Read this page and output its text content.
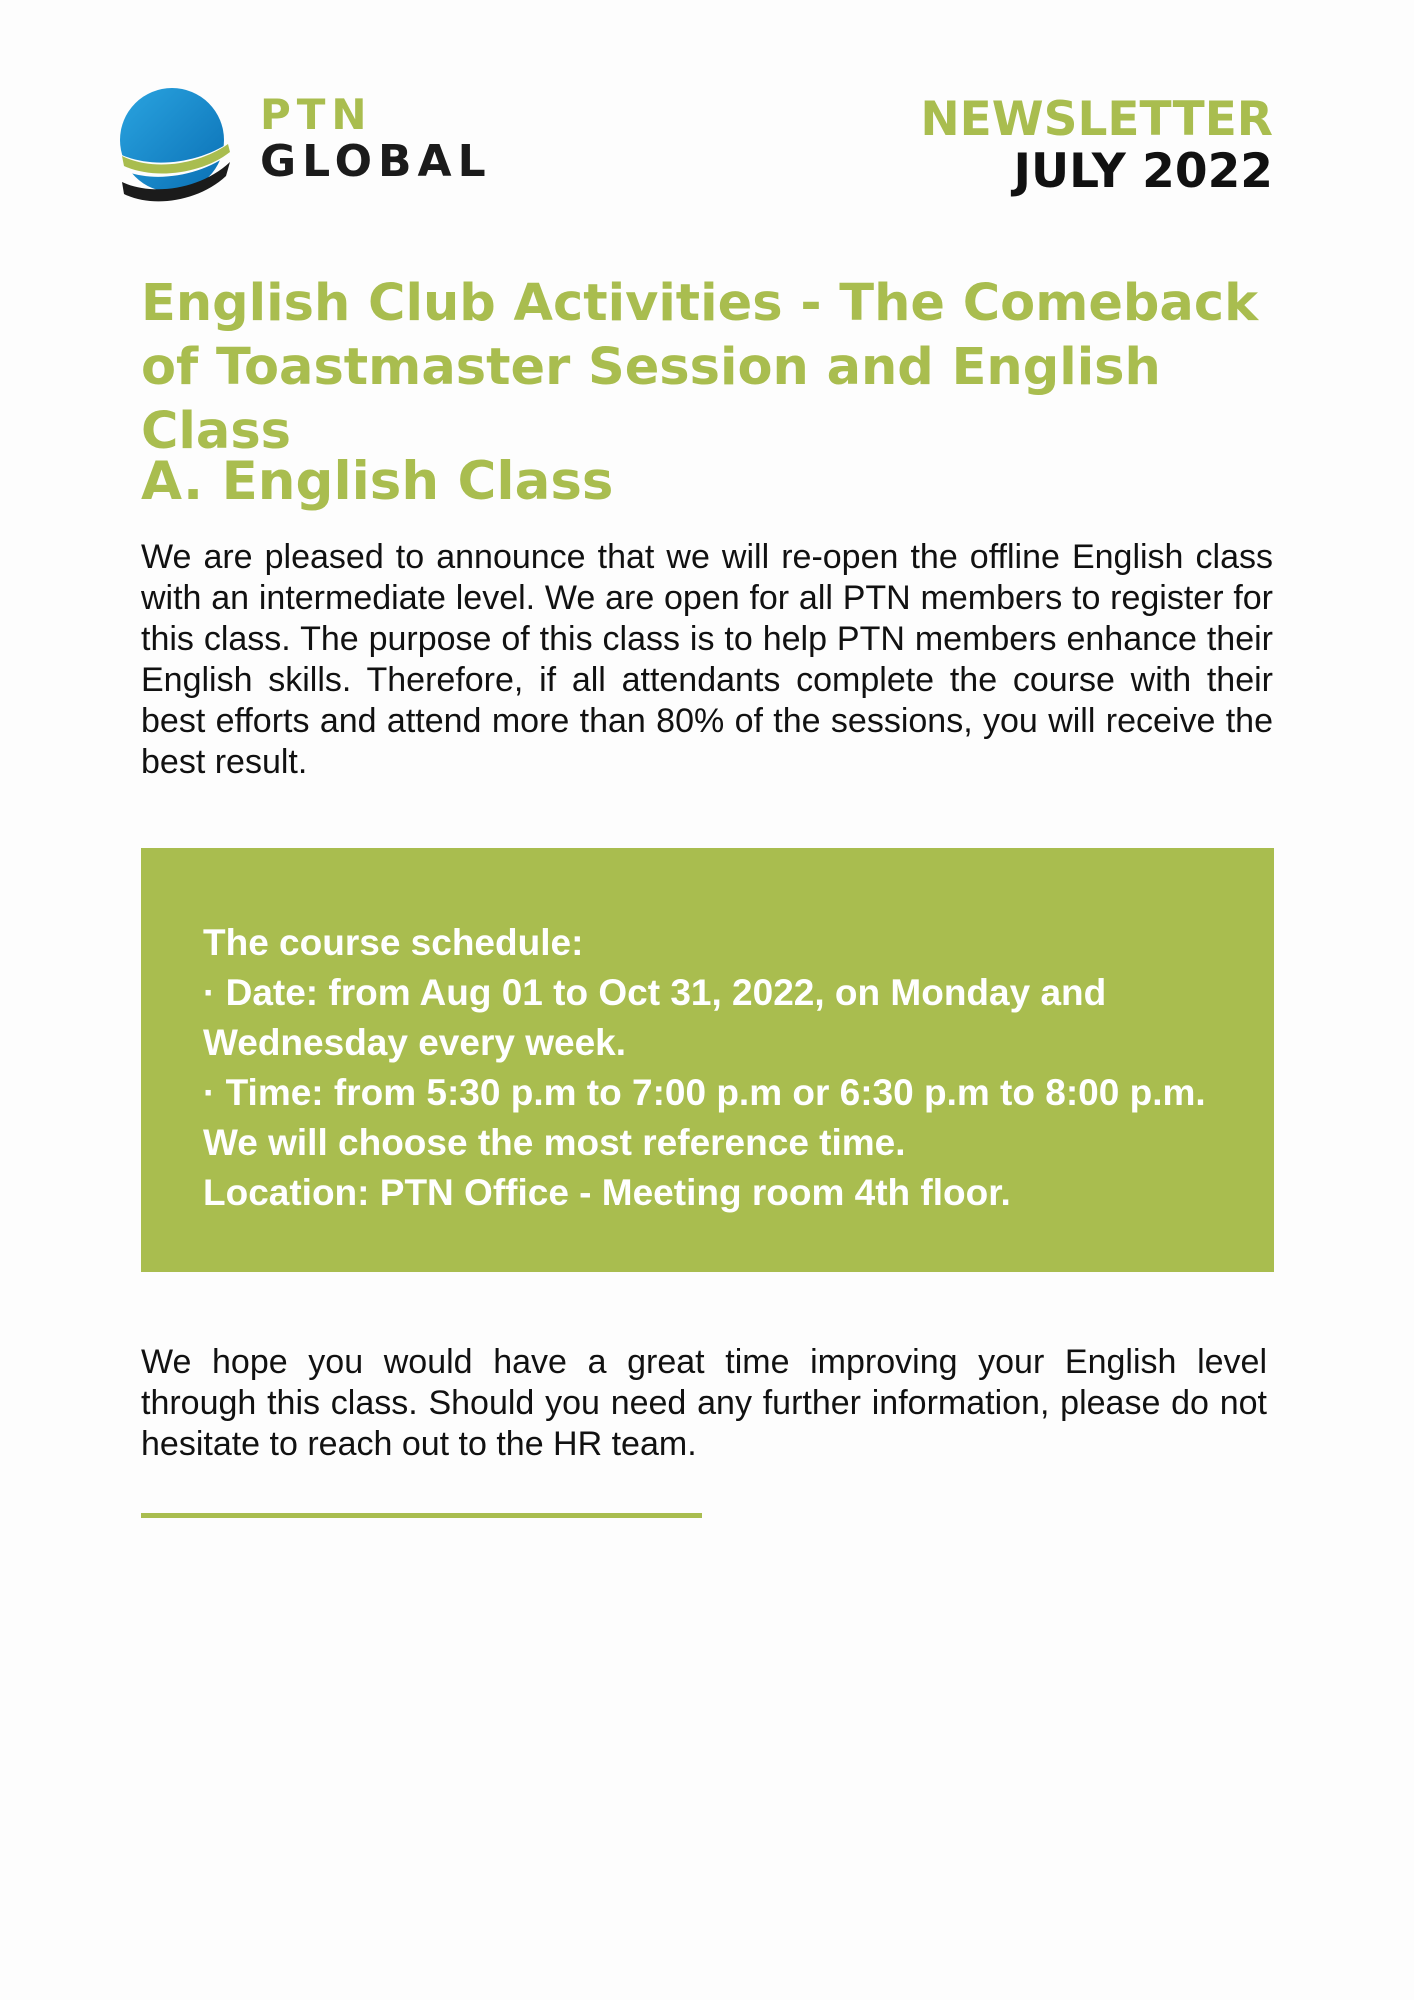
PTN
GLOBAL
NEWSLETTER
JULY 2022
English Club Activities - The Comeback of Toastmaster Session and English Class
A. English Class

We are pleased to announce that we will re-open the offline English class with an intermediate level. We are open for all PTN members to register for this class. The purpose of this class is to help PTN members enhance their English skills. Therefore, if all attendants complete the course with their best efforts and attend more than 80% of the sessions, you will receive the best result.

The course schedule:

· Date: from Aug 01 to Oct 31, 2022, on Monday and Wednesday every week.

· Time: from 5:30 p.m to 7:00 p.m or 6:30 p.m to 8:00 p.m. We will choose the most reference time.

Location: PTN Office - Meeting room 4th floor.

We hope you would have a great time improving your English level through this class. Should you need any further information, please do not hesitate to reach out to the HR team.
